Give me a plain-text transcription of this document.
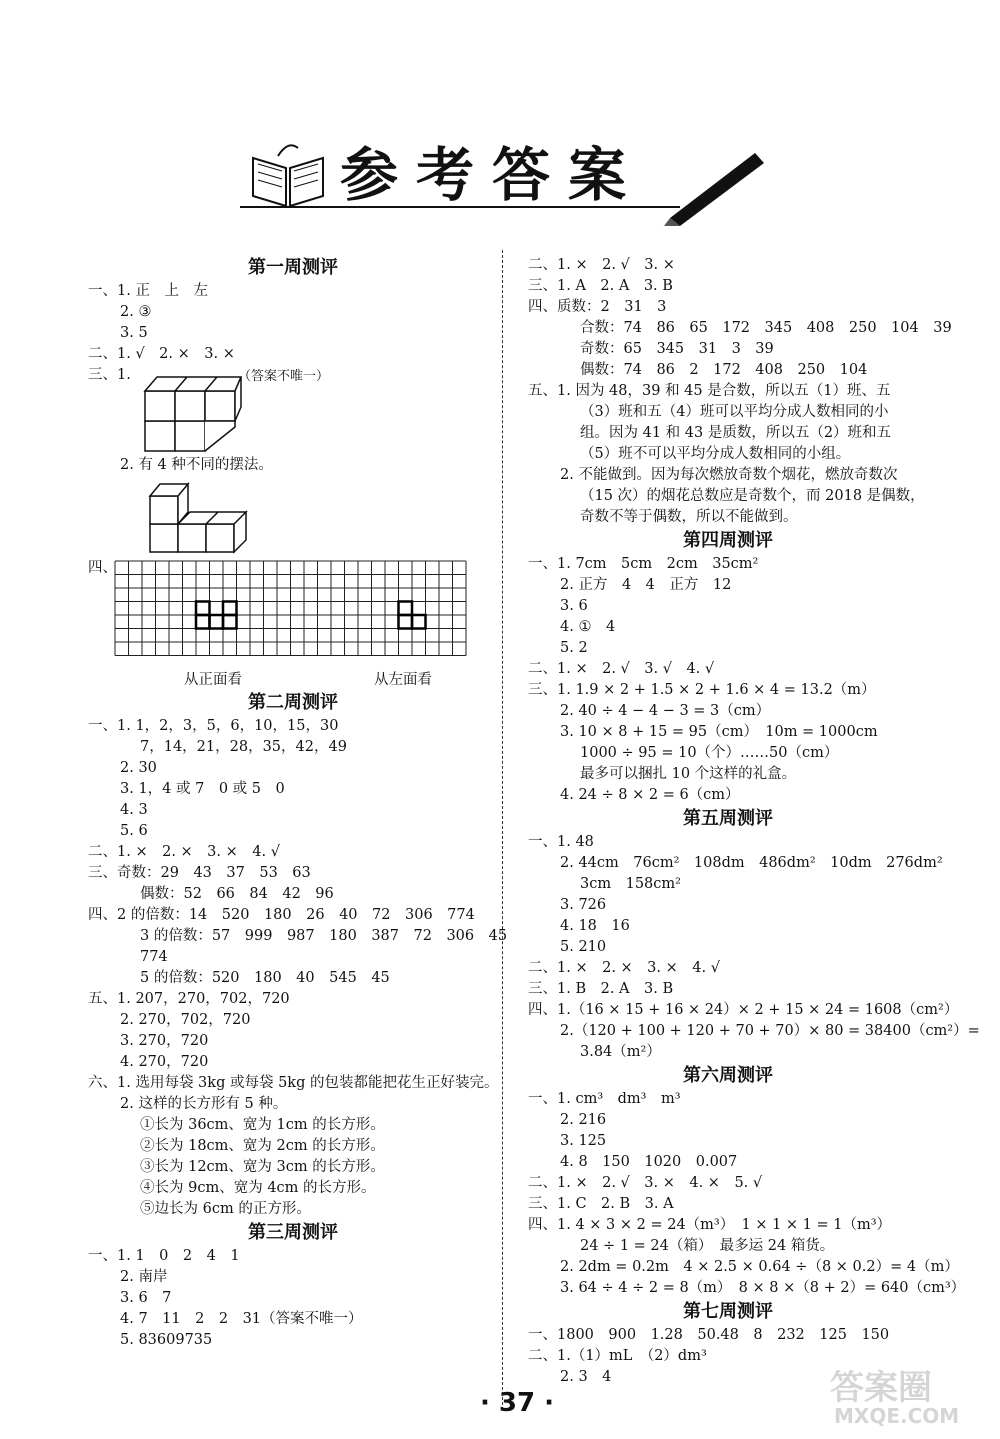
参考答案
第一周测评
一、1. 正　上　左
2. ③
3. 5
二、1. √　2. ×　3. ×
三、1.	（答案不唯一）
2. 有 4 种不同的摆法。
四、
从正面看	从左面看
第二周测评
一、1. 1，2，3，5，6，10，15，30
7，14，21，28，35，42，49
2. 30
3. 1，4 或 7　0 或 5　0
4. 3
5. 6
二、1. ×　2. ×　3. ×　4. √
三、奇数：29　43　37　53　63
偶数：52　66　84　42　96
四、2 的倍数：14　520　180　26　40　72　306　774
3 的倍数：57　999　987　180　387　72　306　45
774
5 的倍数：520　180　40　545　45
五、1. 207，270，702，720
2. 270，702，720
3. 270，720
4. 270，720
六、1. 选用每袋 3kg 或每袋 5kg 的包装都能把花生正好装完。
2. 这样的长方形有 5 种。
①长为 36cm、宽为 1cm 的长方形。
②长为 18cm、宽为 2cm 的长方形。
③长为 12cm、宽为 3cm 的长方形。
④长为 9cm、宽为 4cm 的长方形。
⑤边长为 6cm 的正方形。
第三周测评
一、1. 1　0　2　4　1
2. 南岸
3. 6　7
4. 7　11　2　2　31（答案不唯一）
5. 83609735
二、1. ×　2. √　3. ×
三、1. A　2. A　3. B
四、质数：2　31　3
合数：74　86　65　172　345　408　250　104　39
奇数：65　345　31　3　39
偶数：74　86　2　172　408　250　104
五、1. 因为 48，39 和 45 是合数，所以五（1）班、五
（3）班和五（4）班可以平均分成人数相同的小
组。因为 41 和 43 是质数，所以五（2）班和五
（5）班不可以平均分成人数相同的小组。
2. 不能做到。因为每次燃放奇数个烟花，燃放奇数次
（15 次）的烟花总数应是奇数个，而 2018 是偶数，
奇数不等于偶数，所以不能做到。
第四周测评
一、1. 7cm　5cm　2cm　35cm²
2. 正方　4　4　正方　12
3. 6
4. ①　4
5. 2
二、1. ×　2. √　3. √　4. √
三、1. 1.9 × 2 + 1.5 × 2 + 1.6 × 4 = 13.2（m）
2. 40 ÷ 4 − 4 − 3 = 3（cm）
3. 10 × 8 + 15 = 95（cm）　10m = 1000cm
1000 ÷ 95 = 10（个）……50（cm）
最多可以捆扎 10 个这样的礼盒。
4. 24 ÷ 8 × 2 = 6（cm）
第五周测评
一、1. 48
2. 44cm　76cm²　108dm　486dm²　10dm　276dm²
3cm　158cm²
3. 726
4. 18　16
5. 210
二、1. ×　2. ×　3. ×　4. √
三、1. B　2. A　3. B
四、1.（16 × 15 + 16 × 24）× 2 + 15 × 24 = 1608（cm²）
2.（120 + 100 + 120 + 70 + 70）× 80 = 38400（cm²）=
3.84（m²）
第六周测评
一、1. cm³　dm³　m³
2. 216
3. 125
4. 8　150　1020　0.007
二、1. ×　2. √　3. ×　4. ×　5. √
三、1. C　2. B　3. A
四、1. 4 × 3 × 2 = 24（m³）　1 × 1 × 1 = 1（m³）
24 ÷ 1 = 24（箱）　最多运 24 箱货。
2. 2dm = 0.2m　4 × 2.5 × 0.64 ÷（8 × 0.2）= 4（m）
3. 64 ÷ 4 ÷ 2 = 8（m）　8 × 8 ×（8 + 2）= 640（cm³）
第七周测评
一、1800　900　1.28　50.48　8　232　125　150
二、1.（1）mL　（2）dm³
2. 3　4
· 37 ·	答案圈
MXQE.COM
